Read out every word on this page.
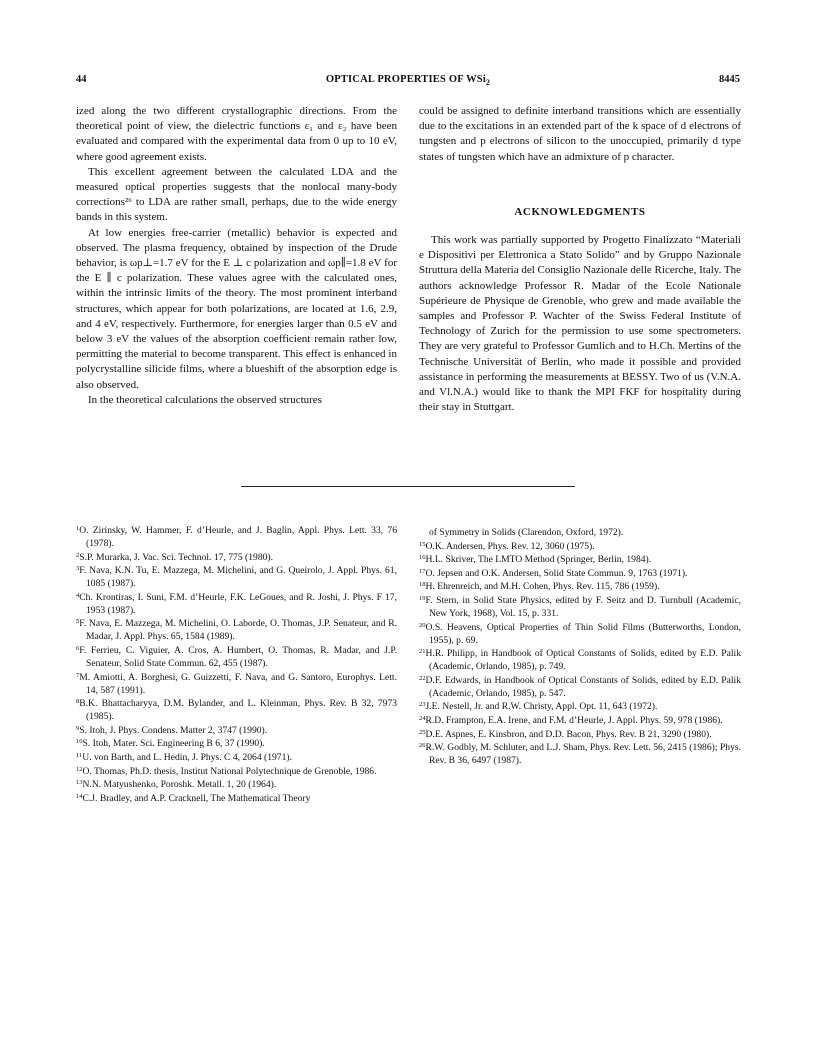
44	OPTICAL PROPERTIES OF WSi$_2$	8445

ized along the two different crystallographic directions. From the theoretical point of view, the dielectric functions ε₁ and ε₂ have been evaluated and compared with the experimental data from 0 up to 10 eV, where good agreement exists.

This excellent agreement between the calculated LDA and the measured optical properties suggests that the nonlocal many-body corrections²⁶ to LDA are rather small, perhaps, due to the wide energy bands in this system.

At low energies free-carrier (metallic) behavior is expected and observed. The plasma frequency, obtained by inspection of the Drude behavior, is ωp⊥=1.7 eV for the E ⊥ c polarization and ωp∥=1.8 eV for the E ∥ c polarization. These values agree with the calculated ones, within the intrinsic limits of the theory. The most prominent interband structures, which appear for both polarizations, are located at 1.6, 2.9, and 4 eV, respectively. Furthermore, for energies larger than 0.5 eV and below 3 eV the values of the absorption coefficient remain rather low, permitting the material to become transparent. This effect is enhanced in polycrystalline silicide films, where a blueshift of the absorption edge is also observed.

In the theoretical calculations the observed structures

could be assigned to definite interband transitions which are essentially due to the excitations in an extended part of the k space of d electrons of tungsten and p electrons of silicon to the unoccupied, primarily d type states of tungsten which have an admixture of p character.

ACKNOWLEDGMENTS

This work was partially supported by Progetto Finalizzato “Materiali e Dispositivi per Elettronica a Stato Solido” and by Gruppo Nazionale Struttura della Materia del Consiglio Nazionale delle Ricerche, Italy. The authors acknowledge Professor R. Madar of the Ecole Nationale Supérieure de Physique de Grenoble, who grew and made available the samples and Professor P. Wachter of the Swiss Federal Institute of Technology of Zurich for the permission to use some spectrometers. They are very grateful to Professor Gumlich and to H.Ch. Mertins of the Technische Universität of Berlin, who made it possible and provided assistance in performing the measurements at BESSY. Two of us (V.N.A. and Vl.N.A.) would like to thank the MPI FKF for hospitality during their stay in Stuttgart.

$^1$O. Zirinsky, W. Hammer, F. d’Heurle, and J. Baglin, Appl. Phys. Lett. 33, 76 (1978).
$^2$S.P. Murarka, J. Vac. Sci. Technol. 17, 775 (1980).
$^3$F. Nava, K.N. Tu, E. Mazzega, M. Michelini, and G. Queirolo, J. Appl. Phys. 61, 1085 (1987).
$^4$Ch. Krontiras, I. Suni, F.M. d’Heurle, F.K. LeGoues, and R. Joshi, J. Phys. F 17, 1953 (1987).
$^5$F. Nava, E. Mazzega, M. Michelini, O. Laborde, O. Thomas, J.P. Senateur, and R. Madar, J. Appl. Phys. 65, 1584 (1989).
$^6$F. Ferrieu, C. Viguier, A. Cros, A. Humbert, O. Thomas, R. Madar, and J.P. Senateur, Solid State Commun. 62, 455 (1987).
$^7$M. Amiotti, A. Borghesi, G. Guizzetti, F. Nava, and G. Santoro, Europhys. Lett. 14, 587 (1991).
$^8$B.K. Bhattacharyya, D.M. Bylander, and L. Kleinman, Phys. Rev. B 32, 7973 (1985).
$^9$S. Itoh, J. Phys. Condens. Matter 2, 3747 (1990).
$^{10}$S. Itoh, Mater. Sci. Engineering B 6, 37 (1990).
$^{11}$U. von Barth, and L. Hedin, J. Phys. C 4, 2064 (1971).
$^{12}$O. Thomas, Ph.D. thesis, Institut National Polytechnique de Grenoble, 1986.
$^{13}$N.N. Matyushenko, Poroshk. Metall. 1, 20 (1964).
$^{14}$C.J. Bradley, and A.P. Cracknell, The Mathematical Theory
of Symmetry in Solids (Clarendon, Oxford, 1972).
$^{15}$O.K. Andersen, Phys. Rev. 12, 3060 (1975).
$^{16}$H.L. Skriver, The LMTO Method (Springer, Berlin, 1984).
$^{17}$O. Jepsen and O.K. Andersen, Solid State Commun. 9, 1763 (1971).
$^{18}$H. Ehrenreich, and M.H. Cohen, Phys. Rev. 115, 786 (1959).
$^{19}$F. Stern, in Solid State Physics, edited by F. Seitz and D. Turnbull (Academic, New York, 1968), Vol. 15, p. 331.
$^{20}$O.S. Heavens, Optical Properties of Thin Solid Films (Butterworths, London, 1955), p. 69.
$^{21}$H.R. Philipp, in Handbook of Optical Constants of Solids, edited by E.D. Palik (Academic, Orlando, 1985), p. 749.
$^{22}$D.F. Edwards, in Handbook of Optical Constants of Solids, edited by E.D. Palik (Academic, Orlando, 1985), p. 547.
$^{23}$J.E. Nestell, Jr. and R.W. Christy, Appl. Opt. 11, 643 (1972).
$^{24}$R.D. Frampton, E.A. Irene, and F.M. d’Heurle, J. Appl. Phys. 59, 978 (1986).
$^{25}$D.E. Aspnes, E. Kinsbron, and D.D. Bacon, Phys. Rev. B 21, 3290 (1980).
$^{26}$R.W. Godbly, M. Schluter, and L.J. Sham, Phys. Rev. Lett. 56, 2415 (1986); Phys. Rev. B 36, 6497 (1987).
